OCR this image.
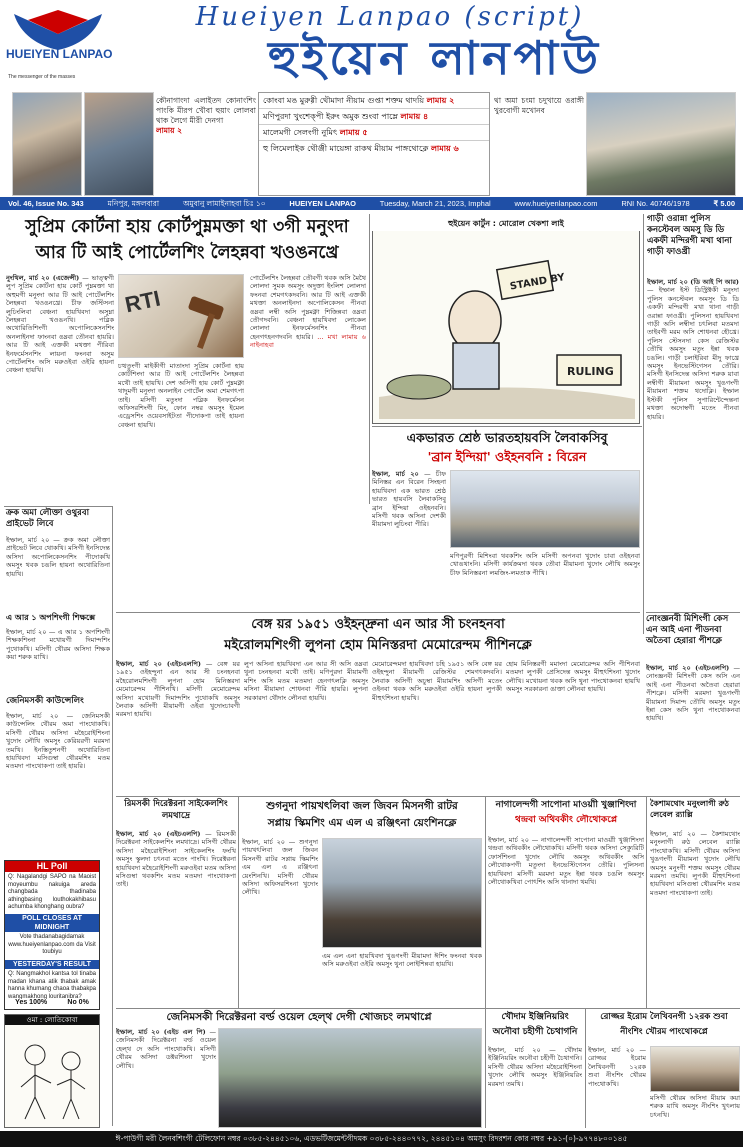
HUEIYEN LANPAO
The messenger of the masses
Hueiyen Lanpao (script)
হুইয়েন লানপাউ
কৌনাগাংদা এলাইতদ কোনাংশিং পাংকি মীরপ খৌবা হুয়াং লোলবা থাক লৈগে মীরী দেনগা
লামায় ২
কোংবা মঙ মুরুগ্গী থৌমাদা নীয়াম গুপ্তা শক্তম থাদয়ি লামায় ২
মণিপুরদা খুংশেক্‌পী ইরুং অমুক শুংবা পাম্লে লামায় ৪
মালেমগী সেলংগী নুমিৎ লামায় ৫
হু লিমেলাইক থৌঞ্জী মায়েঙ্গা রাকথ মীয়াম পাঙ্গথোক্লে লামায় ৬
থা অমা চংমা চদুখায়ে ঙরাঙ্গী খুরবোগী মখোনব
Vol. 46, Issue No. 343	মনিপুর, মঙ্গলবারা	অমুবানু লামাইনাহবা চিঃ ১০	HUEIYEN LANPAO	Tuesday, March 21, 2023, Imphal	www.hueiyenlanpao.com	RNI No. 40746/1978	₹ 5.00
সুপ্রিম কোর্টনা হায় কোর্টপুম্নমক্তা থা ৩গী মনুংদা
আর টি আই পোর্টেলশিং লৈহন্নবা খওঙনখ্রে
নুংথিল, মার্চ ২০ (এজেন্সী) — ভাত্ত্বগী লুপ সুপ্রিম কোর্টনা হায় কোর্ট পুম্নমক্তা থা অহুমগী মনুংদা আর টি আই পোর্টেলশিং লৈহন্নবা খওঙনখ্রে। চীফ জস্টিসনা লুচিংলিবা বেঞ্চনা হায়খিবদা অসুম্না লৈহন্নবা খওঙনখি। পব্লিক অথোরিতিশিংগী অপোলিকেসনশিং অনলাইনদা ফাংনবা ঙম্নবা তৌনবা হায়রি। আর টি আই এক্তকী মথক্তা পীরিবা ইনফর্মেসনশিং লায়না ফংনবা অসুম পোর্টেলশিং অসি মরুওইবা ওইরি হায়না বেঞ্চনা হায়খি।
RTI
চত্থতুংগী মাইকীগী মাতাংদা সুপ্রিম কোর্টনা হায় কোর্টশিংদা আর টি আই পোর্টেলশিং লৈহন্নবা মথৌ তাই হায়খি। দেশ অসিগী হায় কোর্ট পুম্নমক্না থাদুমগী মনুংদা অনলাইন পোর্টেল অমা শেমগৎপা তাই। মসিগী মতুংদা পব্লিক ইনফর্মেসন অফিসরশিংগী মিং, ফোন নম্বর অমসুং ইমেল এড্রেসশিং ওয়েবসাইটতা পীদোকপা তাই হায়না বেঞ্চনা হায়খি।
পোর্টেলশিং লৈহন্নবা তৌবগী থবক অসি মৈথৈ লোলদা সুমক অমসুং অদুক্তা ইংলিশ লোলদা ফংনবা শেমগৎকদবনি। আর টি আই এক্তকী মথক্তা অনলাইনদা অপোলিকেসন পীনবা ঙম্নবা লম্বী অসি পুম্নমক্না শিজিন্নবা ঙম্নবা তৌগদবনি। বেঞ্চনা হায়খিবদা লোকেল লোলদা ইনফর্মেসনশিং পীনবা হেনগৎহনগদবনি হায়রি। ... মখা লামায় ৬ নাইনাহবা
STAND BY
RULING
হুইয়েন কার্টুন : মোরোল খেকশা লাই	গাড়ী ওরান্না পুলিস কনস্টেবল অমসু ডি ডি একফী মন্দিরগী মখা থানা গাড়ী ফাওখ্রী
ইম্ফাল, মার্চ ২০ (ডি আই পি আর) — ইম্ফাল ইস্ট ডিস্ট্রিক্টকী মনুংদা পুলিস কনস্টেবল অমসুং ডি ডি একফী মন্দিরগী মখা থানা গাড়ী ওরান্না ফাওখ্রী। পুলিসনা হায়খিবদা গাড়ী অসি লম্বীদা চৎলিবা মতমদা তাইবগী মরম অসি শোধনবা হৌখ্রে। পুলিস স্টেসনদা কেস রেজিস্টর তৌখি অমসুং মতুং ইন্না থবক চঙলি। গাড়ী চলাইরিবা মীদু ফাখ্রে অমসুং ইনভেস্টিগেসন তৌরি। মসিগী ইনসিদেন্ত অসিদা শরুক য়াবা লম্বীগী মীয়ামনা অমসুং খুঙগংগী মীয়ামনা শক্তম থদোক্লি। ইম্ফাল ইস্টকী পুলিস সুপারিন্টেন্দেন্তনা মথক্তা অদোম্বগী মতেং পীনবা হায়রি।
একভারত শ্রেষ্ঠ ভারতহায়বসি লৈবাকসিবু
'ব্রান ইন্দিয়া' ওইহনবনি : বিরেন
ইম্ফাল, মার্চ ২০ — চীফ মিনিস্তর এন বিরেন সিংহনা হায়খিবদা এক ভারত শ্রেষ্ঠ ভারত হায়বসি লৈবাকসিবু ব্রান ইন্দিয়া ওইহনবনি। মসিগী থবক অসিনা দেশকী মীয়ামদা লুচিংবা পীরি।
মণিপুরগী মিশিংবা থবকশিং অসি মসিগী অপনবা খুদোং চাবা ওইহনবা খোঙথাংনি। মসিগী কার্যক্রমদা থবক তৌবা মীয়ামনা খুদোং লৌখি অমসুং চীফ মিনিস্তরনা লমজিং-লমতাক পীখি।
ক্রক অমা লৌক্তা ওথুরবা প্রাইভেট লিবে
ইম্ফাল, মার্চ ২০ — ক্রক অমা লৌক্তা প্রাইভেট লিবে থোকখি। মসিগী ইনসিদেন্ত অসিদা অপোলিকেসনশিং পীদোকখি অমসুং থবক চঙলি হায়না অথোরিতিনা হায়খি।
এ আর ১ অপশিংগী শিক্ষক্সে
ইম্ফাল, মার্চ ২০ — এ আর ১ অপশিংগী শিক্ষকশিংনা মখোয়গী দিমান্দশিং পুথোকখি। মসিগী থৌরম অসিদা শিক্ষক কয়া শরুক য়াখি।
জেনিমসকী কাউন্সেলিং
ইম্ফাল, মার্চ ২০ — জেনিমসকী কাউন্সেলিং থৌরম অমা পাংথোকখি। মসিগী থৌরম অসিদা মহৈরোইশিংনা খুদোং লৌখি অমসুং কেরিয়রগী মরমদা তমখি। ইনস্তিতুশনগী অথোরিতিনা হায়খিবদা মসিগুম্বা থৌরমশিং মতম মতমদা পাংথোকপা তাই হায়রি।
HL Poll
Q: Nagalandgi SAPO na Maoist moyeumbu nakuiga areda changbada thadinaba athingbasing louthokakhibasu achumba khonghang oubra?
POLL CLOSES AT MIDNIGHT
Vote thadanabagidamak www.hueiyenlanpao.com da Visit toubiyu
YESTERDAY'S RESULT
Q: Nangmakhol kantsa tol tinaba madan khana atik thabak amak hanna khumang chaoa thabakpa wangmakhong louritanibra?
Yes 100%	No 0%
ওমা : লোতিকোবা
বেঙ্গ য়র ১৯৫১ ওইহন্দ্রুনা এন আর সী চংনহনবা
মইরোলমশিংগী লুপনা হোম মিনিস্তরদা মেমোরেন্দম পীশিনক্লে
ইম্ফাল, মার্চ ২০ (এইচএলপি) — বেঙ্গ য়র ১৯৫১ ওইহন্দুনা এন আর সী চংনহনবা মহৈরোলমশিংগী লুপনা হোম মিনিস্তরদা মেমোরেন্দম পীশিনখি। মসিগী মেমোরেন্দম অসিদা মখোয়গী দিমান্দশিং পুথোকখি অমসুং লৈবাক অসিগী মীয়ামগী ওইবা খুদোংচাবগী মরমদা হায়খি।
লুপ অসিনা হায়খিবদা এন আর সী অসি ঙম্নবা থুনা চংনহনবা মথৌ তাই। মণিপুরদা মীয়ামগী মশিং অসি মতম মতমদা হেনগৎলক্লি অমসুং মসিনা মীয়ামদা শোধনবা পীরি হায়রি। লুপনা সরকারদা থৌদাং লৌনবা হায়খি।
মেমোরেন্দমদা হায়খিবদা চহি ১৯৫১ অসি বেঙ্গ য়র ওইহন্দুনা মীয়ামগী রেজিস্টর শেমগৎকদবনি। লৈবাক অসিগী অচুম্বা মীয়ামশিং অসিগী মতেং ওইনবা থবক অসি মরুওইবা ওইরি হায়না লুপকী মীহুৎশিংনা হায়খি।
হোম মিনিস্তরগী মমাংদা মেমোরেন্দম অসি পীশিনবা মতমদা লুপকী প্রেসিদেন্ত অমসুং মীহুৎশিংনা খুদোং লৌখি। মখোয়না থবক অসি থুনা পাংথোকনবা হায়খি অমসুং সরকারনা ঙাক্তা লৌনবা হায়খি।
নোংজ্ঞনবী মিশিংগী কেস এন আই এনা পীডনবা অতৈবা হেরারা পীশক্লে
ইম্ফাল, মার্চ ২০ (এইচএলপি) — নোংজ্ঞনবী মিশিংগী কেস অসি এন আই এনা পীডনবা অতৈবা হেরারা পীশক্লে। মসিগী মরমদা খুঙগংগী মীয়ামনা দিমান্দ তৌখি অমসুং মতুং ইন্না কেস অসি থুনা পাংথোকনবা হায়খি।
রিমসকী দিরেক্টরনা সাইকেলশিং লমথাদ্রে
ইম্ফাল, মার্চ ২০ (এইচএলপি) — রিমসকী দিরেক্টরনা সাইকেলশিং লমথাদ্রে। মসিগী থৌরম অসিদা মহৈরোইশিংনা সাইকেলশিং ফংখি অমসুং স্কুলদা চৎনবা মতেং পাংখি। দিরেক্টরনা হায়খিবদা মহৈরোইশিংগী মরুওইবা মতম অসিদা মসিগুম্বা থবকশিং মতম মতমদা পাংথোকপা তাই।
শুগনুদা পায়খৎলিবা জল জিবন মিসনগী রাটর
সপ্লায় স্কিমশিং এম এল এ রঞ্জিৎনা য়েংশিনক্লে
ইম্ফাল, মার্চ ২০ — শুগনুদা পায়খৎলিবা জল জিবন মিসনগী রাটর সপ্লায় স্কিমশিং এম এল এ রঞ্জিৎনা য়েংশিনখি। মসিগী থৌরম অসিদা অফিসরশিংনা খুদোং লৌখি।
এম এল এনা হায়খিবদা খুঙগংগী মীয়ামদা ঈশিং ফংনবা থবক অসি মরুওইবা ওইরি অমসুং থুনা লোইশিন্নবা হায়খি।
নাগালেন্দগী সাপোনা মাওয়াী খুঞ্জাশিংদা
থন্দ্রবা অথিবকীং লৌথোকপ্লে
ইম্ফাল, মার্চ ২০ — নাগালেন্দগী সাপোনা মাওয়াী খুঞ্জাশিংদা থন্দ্রবা অথিবকীং লৌথোকখি। মসিগী থবক অসিদা সেক্যুরিটি ফোর্সশিংনা খুদোং লৌখি অমসুং অথিবকীং অসি লৌথোকপগী মতুংদা ইনভেস্টিগেসন তৌরি। পুলিসনা হায়খিবদা মসিগী মরমদা মতুং ইন্না থবক চঙলি অমসুং লৌথোকখিবা পোৎশিং অসি থানাদা থমখি।
কৈশামথোং মনুংলাগী রুঠ লেবেল র‌্যাল্লি
ইম্ফাল, মার্চ ২০ — কৈশামথোং মনুংলাগী রুঠ লেবেল র‌্যাল্লি পাংথোকখি। মসিগী থৌরম অসিদা খুঙগংগী মীয়ামনা খুদোং লৌখি অমসুং মনুংগী শক্তম অমসুং থৌরম মরমদা তমখি। লুপকী মীহুৎশিংনা হায়খিবদা মসিগুম্বা থৌরমশিং মতম মতমদা পাংথোকপা তাই।
জেনিমসকী দিরেক্টরনা বর্ল্ড ওয়েল হেল্থ দেগী খোজচং লমথাপ্লে
ইম্ফাল, মার্চ ২০ (এইচ এল পি) — জেনিমসকী দিরেক্টরনা বর্ল্ড ওয়েল হেল্থ দে অসি পাংথোকখি। মসিগী থৌরম অসিদা ডক্টরশিংনা খুদোং লৌখি।
খৌদাম ইঞ্জিনিয়রিং
অনৌবা চহীগী চৈথাগনি
ইম্ফাল, মার্চ ২০ — খৌদাম ইঞ্জিনিয়রিং অনৌবা চহীগী চৈথাগনি। মসিগী থৌরম অসিদা মহৈরোইশিংনা খুদোং লৌখি অমসুং ইঞ্জিনিয়রিং মরমদা তমখি।
রোজ্জর ইরোম লৈখিবনগী ১২রক শুবা
নীংশিং খৌরম পাংথোকপ্লে
ইম্ফাল, মার্চ ২০ — রোজ্জর ইরোম লৈখিবনগী ১২রক শুবা নীংশিং খৌরম পাংথোকখি।
মসিগী থৌরম অসিদা মীয়াম কয়া শরুক য়াখি অমসুং নীংশিং খুৎলায় চৎনখি।
ঈ-পাউগী মরী লৈনবশিংগী টেলিফোন নম্বর ০৩৮৫-২৪৪৫১০৬, এডভর্টিজমেন্টগীদমক ০৩৮৫-২৪৪০৭৭২, ২৪৪৫১০৪ অমসুং রিদরশন কোর নম্বর +৯১-(০)-৯৭৭৪৮০০১৪৫
